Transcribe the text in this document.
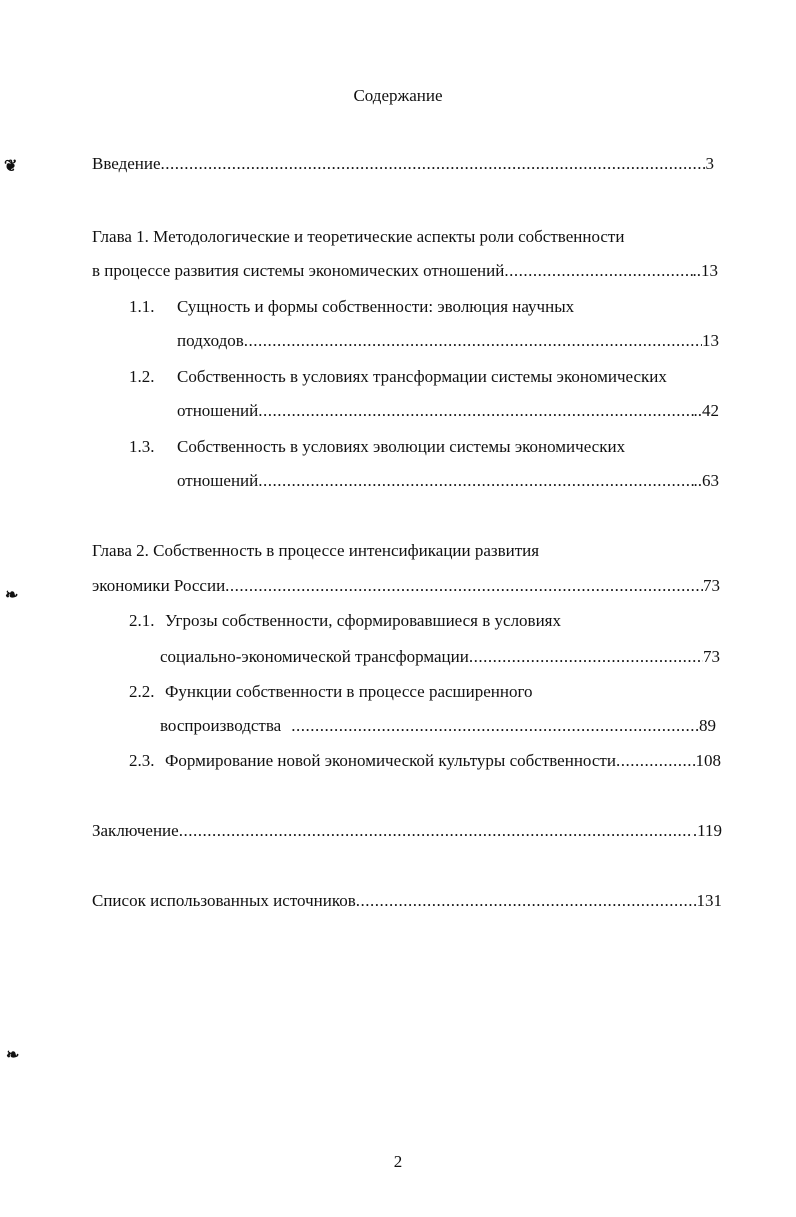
Содержание
Введение .....	3
Глава 1. Методологические и теоретические аспекты роли собственности
в процессе развития системы экономических отношений .....	..13
1.1. Сущность и формы собственности: эволюция научных
подходов .....	13
1.2. Собственность в условиях трансформации системы экономических
отношений .....	..42
1.3. Собственность в условиях эволюции системы экономических
отношений .....	..63
Глава 2. Собственность в процессе интенсификации развития
экономики России .....	73
2.1. Угрозы собственности, сформировавшиеся в условиях
социально-экономической трансформации .....	73
2.2. Функции собственности в процессе расширенного
воспроизводства .....	89
2.3. Формирование новой экономической культуры собственности .....	108
Заключение .....	.119
Список использованных источников .....	131
2
❦
❧
❧
